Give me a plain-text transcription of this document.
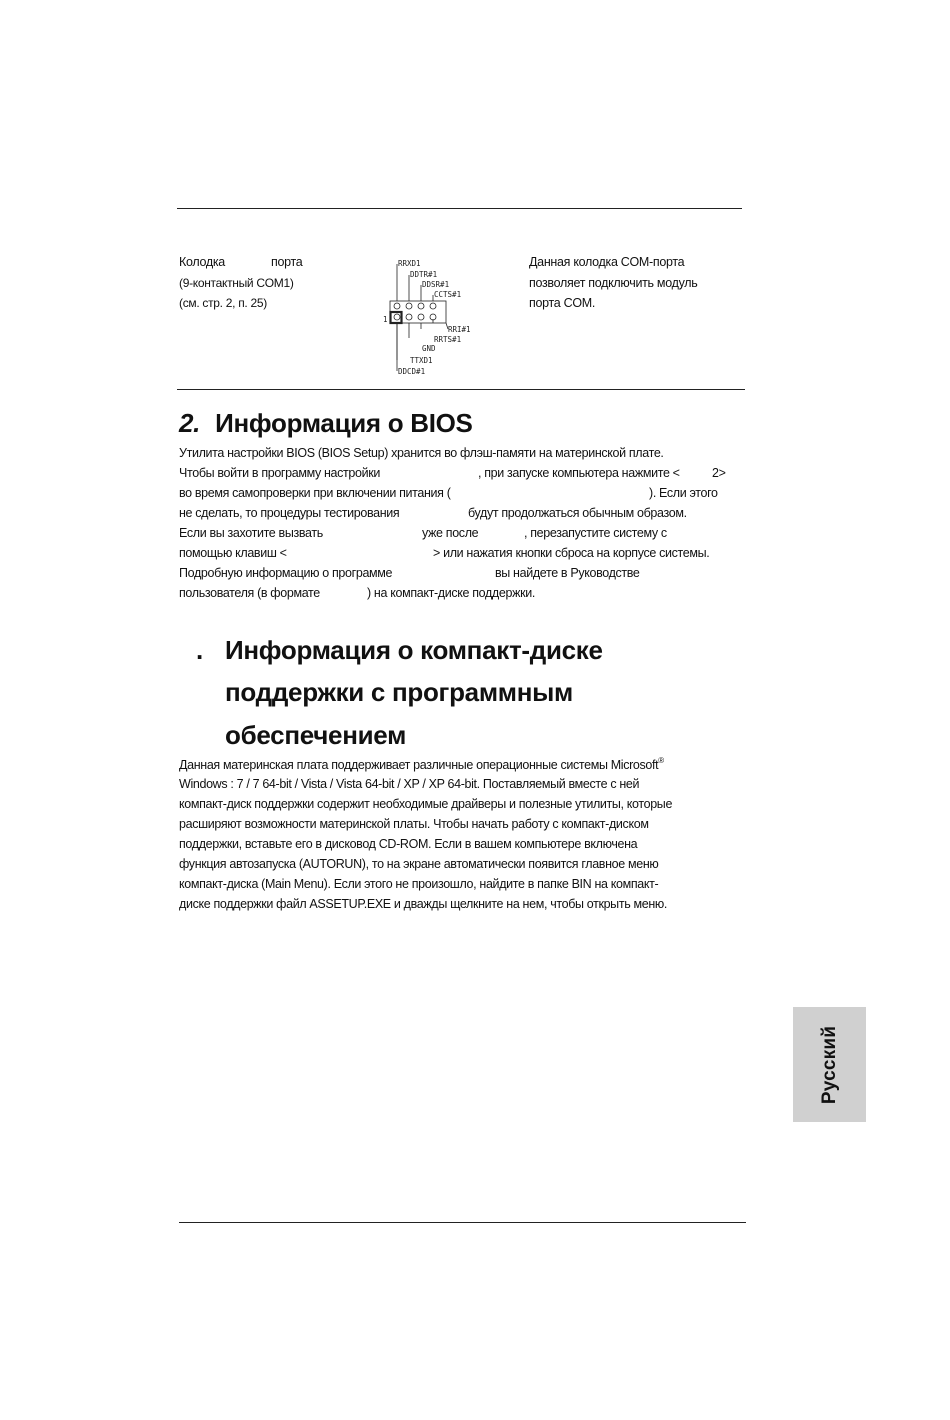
Колодка	порта
(9-контактный COM1)
(см. стр. 2, п. 25)
RRXD1
DDTR#1
DDSR#1
CCTS#1
RRI#1
RRTS#1
GND
TTXD1
DDCD#1
1
Данная колодка COM-порта
позволяет подключить модуль
порта COM.
2. Информация о BIOS
Утилита настройки BIOS (BIOS Setup) хранится во флэш-памяти на материнской плате.
Чтобы войти в программу настройки	, при запуске компьютера нажмите <	2>
во время самопроверки при включении питания (	). Если этого
не сделать, то процедуры тестирования	будут продолжаться обычным образом.
Если вы захотите вызвать	уже после	, перезапустите систему с
помощью клавиш <	> или нажатия кнопки сброса на корпусе системы.
Подробную информацию о программе	вы найдете в Руководстве
пользователя (в формате	) на компакт-диске поддержки.
. Информация о компакт-диске
поддержки с программным
обеспечением
Данная материнская плата поддерживает различные операционные системы Microsoft®
Windows : 7 / 7 64-bit / Vista / Vista 64-bit / XP / XP 64-bit. Поставляемый вместе с ней
компакт-диск поддержки содержит необходимые драйверы и полезные утилиты, которые
расширяют возможности материнской платы. Чтобы начать работу с компакт-диском
поддержки, вставьте его в дисковод CD-ROM. Если в вашем компьютере включена
функция автозапуска (AUTORUN), то на экране автоматически появится главное меню
компакт-диска (Main Menu). Если этого не произошло, найдите в папке BIN на компакт-
диске поддержки файл ASSETUP.EXE и дважды щелкните на нем, чтобы открыть меню.
Русский
